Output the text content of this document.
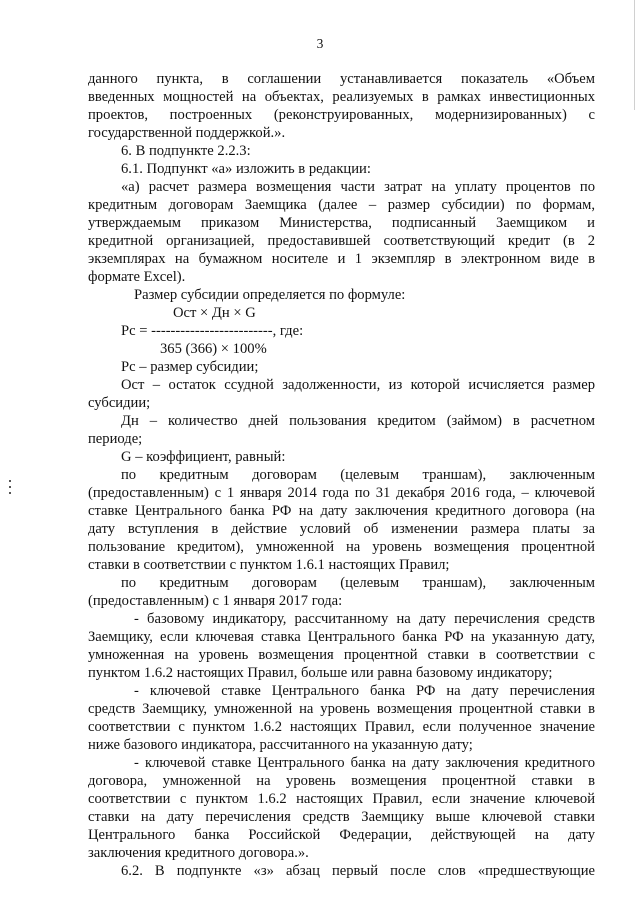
3
данного пункта, в соглашении устанавливается показатель «Объем
введенных мощностей на объектах, реализуемых в рамках инвестиционных
проектов, построенных (реконструированных, модернизированных) с
государственной поддержкой.».
6. В подпункте 2.2.3:
6.1. Подпункт «а» изложить в редакции:
«а) расчет размера возмещения части затрат на уплату процентов по
кредитным договорам Заемщика (далее – размер субсидии) по формам,
утверждаемым приказом Министерства, подписанный Заемщиком и
кредитной организацией, предоставившей соответствующий кредит (в 2
экземплярах на бумажном носителе и 1 экземпляр в электронном виде в
формате Excel).
Размер субсидии определяется по формуле:
Ост × Дн × G
Рс = -------------------------, где:
365 (366) × 100%
Рс – размер субсидии;
Ост – остаток ссудной задолженности, из которой исчисляется размер
субсидии;
Дн – количество дней пользования кредитом (займом) в расчетном
периоде;
G – коэффициент, равный:
по кредитным договорам (целевым траншам), заключенным
(предоставленным) с 1 января 2014 года по 31 декабря 2016 года, – ключевой
ставке Центрального банка РФ на дату заключения кредитного договора (на
дату вступления в действие условий об изменении размера платы за
пользование кредитом), умноженной на уровень возмещения процентной
ставки в соответствии с пунктом 1.6.1 настоящих Правил;
по кредитным договорам (целевым траншам), заключенным
(предоставленным) с 1 января 2017 года:
- базовому индикатору, рассчитанному на дату перечисления средств
Заемщику, если ключевая ставка Центрального банка РФ на указанную дату,
умноженная на уровень возмещения процентной ставки в соответствии с
пунктом 1.6.2 настоящих Правил, больше или равна базовому индикатору;
- ключевой ставке Центрального банка РФ на дату перечисления
средств Заемщику, умноженной на уровень возмещения процентной ставки в
соответствии с пунктом 1.6.2 настоящих Правил, если полученное значение
ниже базового индикатора, рассчитанного на указанную дату;
- ключевой ставке Центрального банка на дату заключения кредитного
договора, умноженной на уровень возмещения процентной ставки в
соответствии с пунктом 1.6.2 настоящих Правил, если значение ключевой
ставки на дату перечисления средств Заемщику выше ключевой ставки
Центрального банка Российской Федерации, действующей на дату
заключения кредитного договора.».
6.2. В подпункте «з» абзац первый после слов «предшествующие
